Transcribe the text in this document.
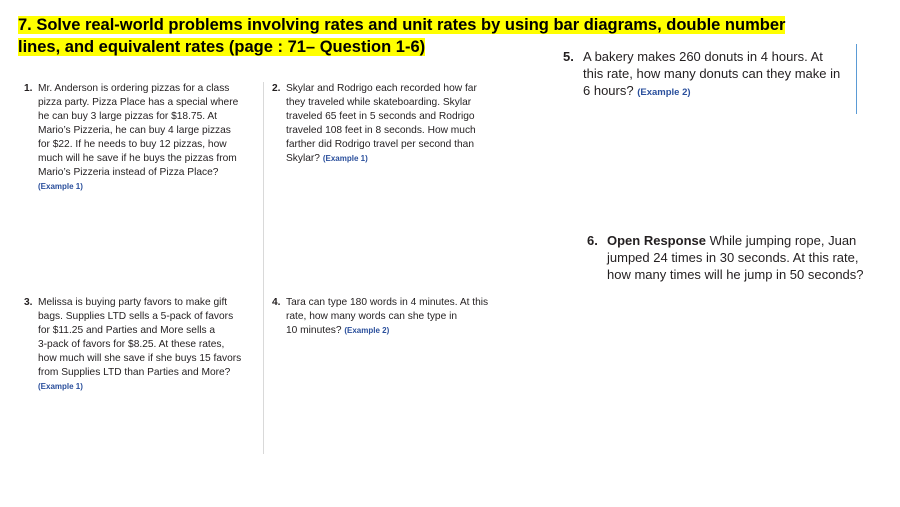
7. Solve real-world problems involving rates and unit rates by using bar diagrams, double number
lines, and equivalent rates (page : 71– Question 1-6)
1. Mr. Anderson is ordering pizzas for a class
pizza party. Pizza Place has a special where
he can buy 3 large pizzas for $18.75. At
Mario’s Pizzeria, he can buy 4 large pizzas
for $22. If he needs to buy 12 pizzas, how
much will he save if he buys the pizzas from
Mario’s Pizzeria instead of Pizza Place?
(Example 1)
2. Skylar and Rodrigo each recorded how far
they traveled while skateboarding. Skylar
traveled 65 feet in 5 seconds and Rodrigo
traveled 108 feet in 8 seconds. How much
farther did Rodrigo travel per second than
Skylar? (Example 1)
3. Melissa is buying party favors to make gift
bags. Supplies LTD sells a 5-pack of favors
for $11.25 and Parties and More sells a
3-pack of favors for $8.25. At these rates,
how much will she save if she buys 15 favors
from Supplies LTD than Parties and More?
(Example 1)
4. Tara can type 180 words in 4 minutes. At this
rate, how many words can she type in
10 minutes? (Example 2)
5. A bakery makes 260 donuts in 4 hours. At
this rate, how many donuts can they make in
6 hours? (Example 2)
6. Open Response While jumping rope, Juan
jumped 24 times in 30 seconds. At this rate,
how many times will he jump in 50 seconds?
